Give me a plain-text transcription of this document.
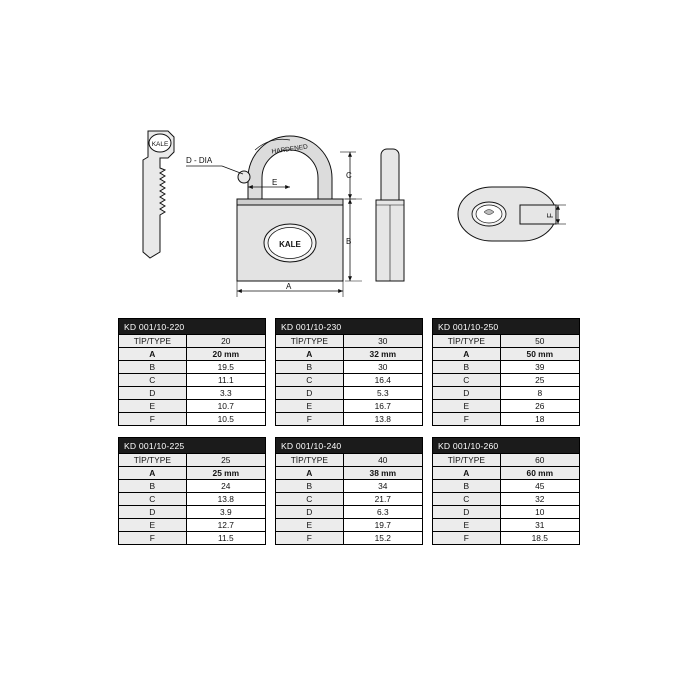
KALE	HARDENED
KALE
D - DIA
E
C
B
A
F
KD 001/10-220	
TİP/TYPE	20
A	20 mm
B	19.5
C	11.1
D	3.3
E	10.7
F	10.5
KD 001/10-230	
TİP/TYPE	30
A	32 mm
B	30
C	16.4
D	5.3
E	16.7
F	13.8
KD 001/10-250	
TİP/TYPE	50
A	50 mm
B	39
C	25
D	8
E	26
F	18
KD 001/10-225	
TİP/TYPE	25
A	25 mm
B	24
C	13.8
D	3.9
E	12.7
F	11.5
KD 001/10-240	
TİP/TYPE	40
A	38 mm
B	34
C	21.7
D	6.3
E	19.7
F	15.2
KD 001/10-260	
TİP/TYPE	60
A	60 mm
B	45
C	32
D	10
E	31
F	18.5
